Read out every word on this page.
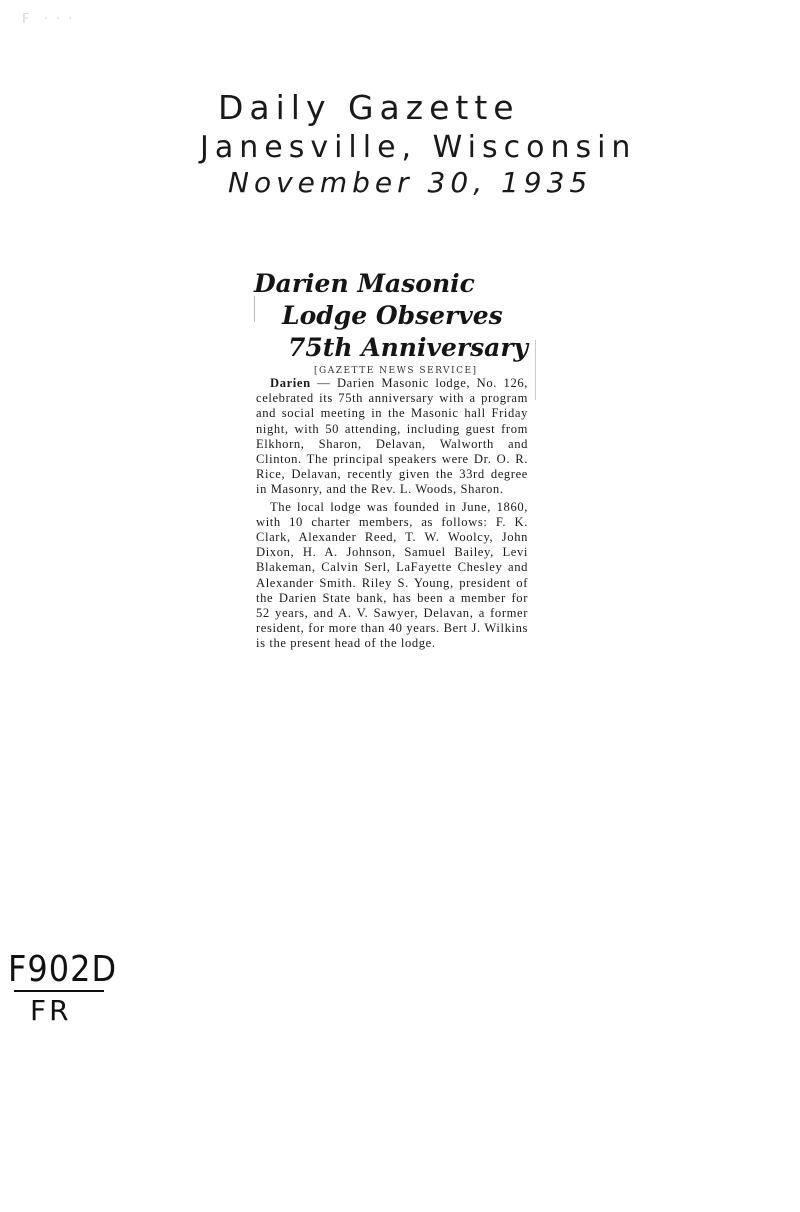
F  · · ·
Daily Gazette
Janesville, Wisconsin
November 30, 1935
Darien Masonic
Lodge Observes
75th Anniversary
[GAZETTE NEWS SERVICE]

Darien — Darien Masonic lodge, No. 126, celebrated its 75th anniversary with a program and social meeting in the Masonic hall Friday night, with 50 attending, including guest from Elkhorn, Sharon, Delavan, Walworth and Clinton. The principal speakers were Dr. O. R. Rice, Delavan, recently given the 33rd degree in Masonry, and the Rev. L. Woods, Sharon.

The local lodge was founded in June, 1860, with 10 charter members, as follows: F. K. Clark, Alexander Reed, T. W. Woolcy, John Dixon, H. A. Johnson, Samuel Bailey, Levi Blakeman, Calvin Serl, LaFayette Chesley and Alexander Smith. Riley S. Young, president of the Darien State bank, has been a member for 52 years, and A. V. Sawyer, Delavan, a former resident, for more than 40 years. Bert J. Wilkins is the present head of the lodge.

F902D
FR
